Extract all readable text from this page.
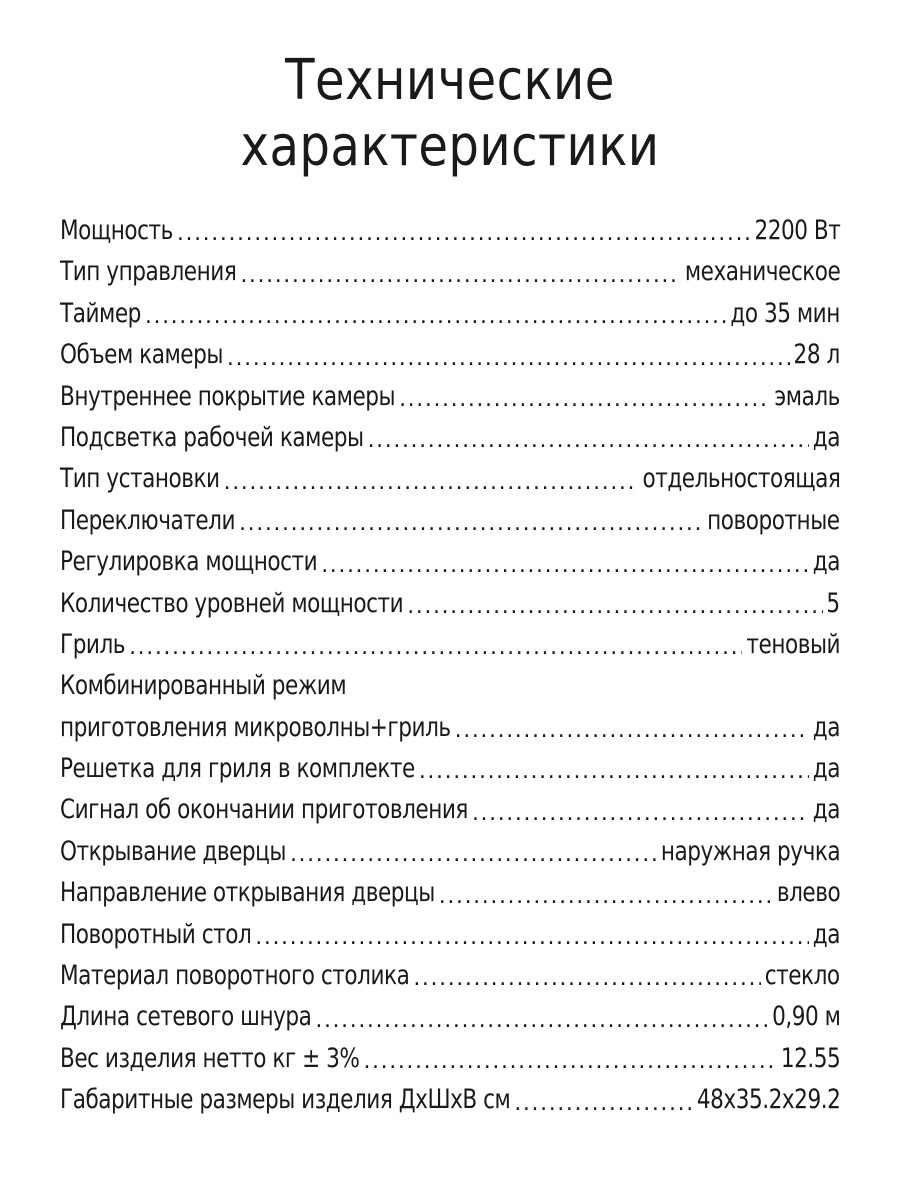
Технические
характеристики
Мощность .....	2200 Вт
Тип управления .....	механическое
Таймер .....	до 35 мин
Объем камеры .....	28 л
Внутреннее покрытие камеры .....	эмаль
Подсветка рабочей камеры .....	да
Тип установки .....	отдельностоящая
Переключатели .....	поворотные
Регулировка мощности .....	да
Количество уровней мощности .....	5
Гриль .....	теновый
Комбинированный режим
приготовления микроволны+гриль .....	да
Решетка для гриля в комплекте .....	да
Сигнал об окончании приготовления .....	да
Открывание дверцы .....	наружная ручка
Направление открывания дверцы .....	влево
Поворотный стол .....	да
Материал поворотного столика .....	стекло
Длина сетевого шнура .....	0,90 м
Вес изделия нетто кг ± 3% .....	12.55
Габаритные размеры изделия ДхШхВ см .....	48x35.2x29.2
